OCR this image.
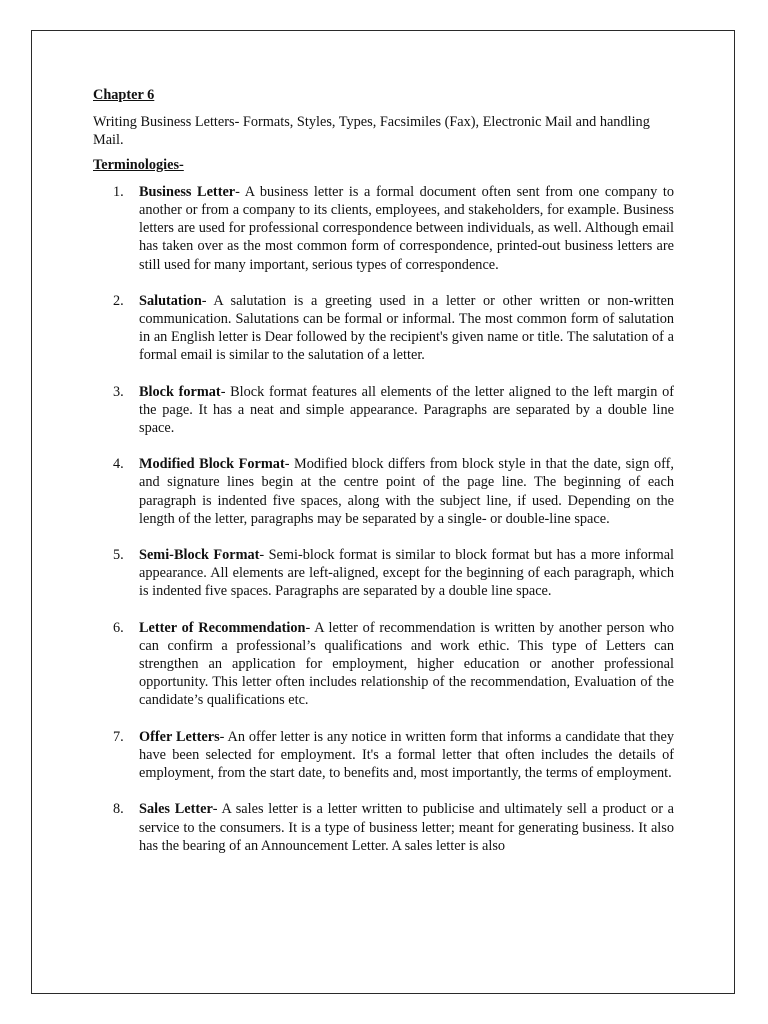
Chapter 6
Writing Business Letters- Formats, Styles, Types, Facsimiles (Fax), Electronic Mail and handling Mail.
Terminologies-
1. Business Letter- A business letter is a formal document often sent from one company to another or from a company to its clients, employees, and stakeholders, for example. Business letters are used for professional correspondence between individuals, as well. Although email has taken over as the most common form of correspondence, printed-out business letters are still used for many important, serious types of correspondence.
2. Salutation- A salutation is a greeting used in a letter or other written or non-written communication. Salutations can be formal or informal. The most common form of salutation in an English letter is Dear followed by the recipient's given name or title. The salutation of a formal email is similar to the salutation of a letter.
3. Block format- Block format features all elements of the letter aligned to the left margin of the page. It has a neat and simple appearance. Paragraphs are separated by a double line space.
4. Modified Block Format- Modified block differs from block style in that the date, sign off, and signature lines begin at the centre point of the page line. The beginning of each paragraph is indented five spaces, along with the subject line, if used. Depending on the length of the letter, paragraphs may be separated by a single- or double-line space.
5. Semi-Block Format- Semi-block format is similar to block format but has a more informal appearance. All elements are left-aligned, except for the beginning of each paragraph, which is indented five spaces. Paragraphs are separated by a double line space.
6. Letter of Recommendation- A letter of recommendation is written by another person who can confirm a professional’s qualifications and work ethic. This type of Letters can strengthen an application for employment, higher education or another professional opportunity. This letter often includes relationship of the recommendation, Evaluation of the candidate’s qualifications etc.
7. Offer Letters- An offer letter is any notice in written form that informs a candidate that they have been selected for employment. It's a formal letter that often includes the details of employment, from the start date, to benefits and, most importantly, the terms of employment.
8. Sales Letter- A sales letter is a letter written to publicise and ultimately sell a product or a service to the consumers. It is a type of business letter; meant for generating business. It also has the bearing of an Announcement Letter. A sales letter is also
